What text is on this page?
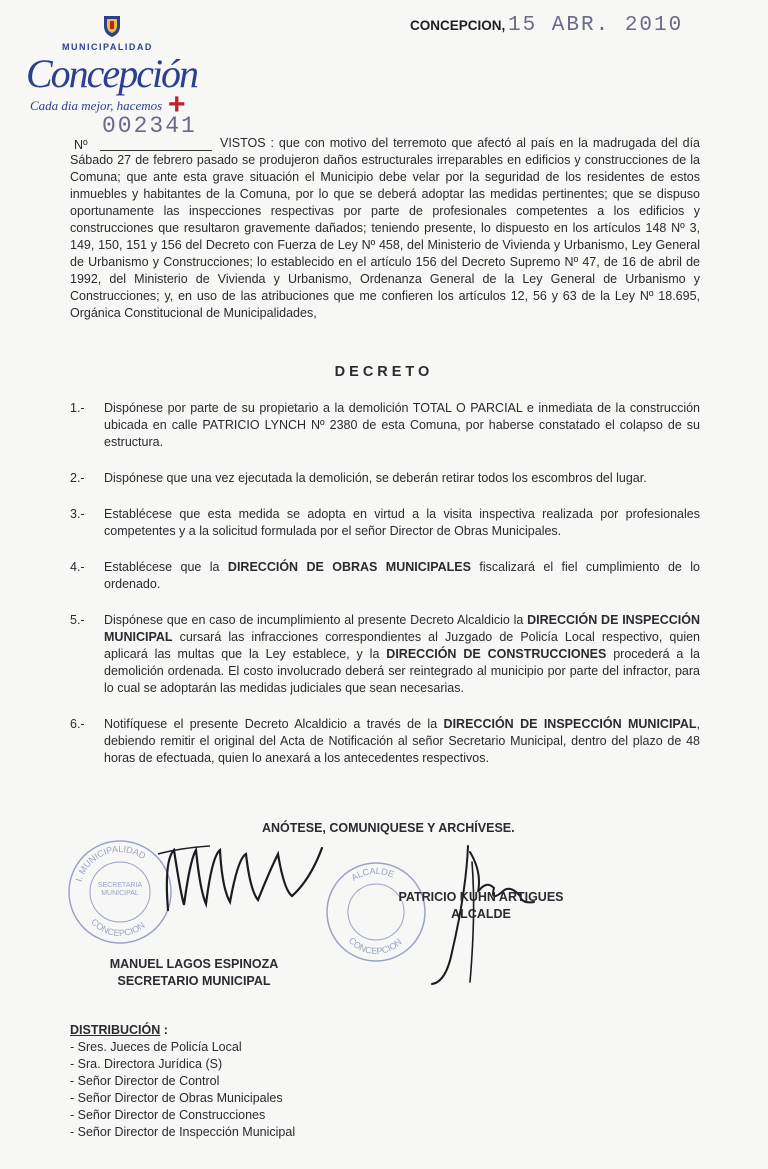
MUNICIPALIDAD
Concepción
Cada dia mejor, hacemos +
CONCEPCION, 15 ABR. 2010
002341
Nº	VISTOS : que con motivo del terremoto que afectó al país en la madrugada del día Sábado 27 de febrero pasado se produjeron daños estructurales irreparables en edificios y construcciones de la Comuna; que ante esta grave situación el Municipio debe velar por la seguridad de los residentes de estos inmuebles y habitantes de la Comuna, por lo que se deberá adoptar las medidas pertinentes; que se dispuso oportunamente las inspecciones respectivas por parte de profesionales competentes a los edificios y construcciones que resultaron gravemente dañados; teniendo presente, lo dispuesto en los artículos 148 Nº 3, 149, 150, 151 y 156 del Decreto con Fuerza de Ley Nº 458, del Ministerio de Vivienda y Urbanismo, Ley General de Urbanismo y Construcciones; lo establecido en el artículo 156 del Decreto Supremo Nº 47, de 16 de abril de 1992, del Ministerio de Vivienda y Urbanismo, Ordenanza General de la Ley General de Urbanismo y Construcciones; y, en uso de las atribuciones que me confieren los artículos 12, 56 y 63 de la Ley Nº 18.695, Orgánica Constitucional de Municipalidades,

DECRETO
1.-	Dispónese por parte de su propietario a la demolición TOTAL O PARCIAL e inmediata de la construcción ubicada en calle PATRICIO LYNCH Nº 2380 de esta Comuna, por haberse constatado el colapso de su estructura.
2.-	Dispónese que una vez ejecutada la demolición, se deberán retirar todos los escombros del lugar.
3.-	Establécese que esta medida se adopta en virtud a la visita inspectiva realizada por profesionales competentes y a la solicitud formulada por el señor Director de Obras Municipales.
4.-	Establécese que la DIRECCIÓN DE OBRAS MUNICIPALES fiscalizará el fiel cumplimiento de lo ordenado.
5.-	Dispónese que en caso de incumplimiento al presente Decreto Alcaldicio la DIRECCIÓN DE INSPECCIÓN MUNICIPAL cursará las infracciones correspondientes al Juzgado de Policía Local respectivo, quien aplicará las multas que la Ley establece, y la DIRECCIÓN DE CONSTRUCCIONES procederá a la demolición ordenada. El costo involucrado deberá ser reintegrado al municipio por parte del infractor, para lo cual se adoptarán las medidas judiciales que sean necesarias.
6.-	Notifíquese el presente Decreto Alcaldicio a través de la DIRECCIÓN DE INSPECCIÓN MUNICIPAL, debiendo remitir el original del Acta de Notificación al señor Secretario Municipal, dentro del plazo de 48 horas de efectuada, quien lo anexará a los antecedentes respectivos.
ANÓTESE, COMUNIQUESE Y ARCHÍVESE.
I. MUNICIPALIDAD
CONCEPCION
SECRETARIA MUNICIPAL
ALCALDE
CONCEPCION
PATRICIO KUHN ARTIGUES
ALCALDE
MANUEL LAGOS ESPINOZA
SECRETARIO MUNICIPAL
DISTRIBUCIÓN :
- Sres. Jueces de Policía Local
- Sra. Directora Jurídica (S)
- Señor Director de Control
- Señor Director de Obras Municipales
- Señor Director de Construcciones
- Señor Director de Inspección Municipal
